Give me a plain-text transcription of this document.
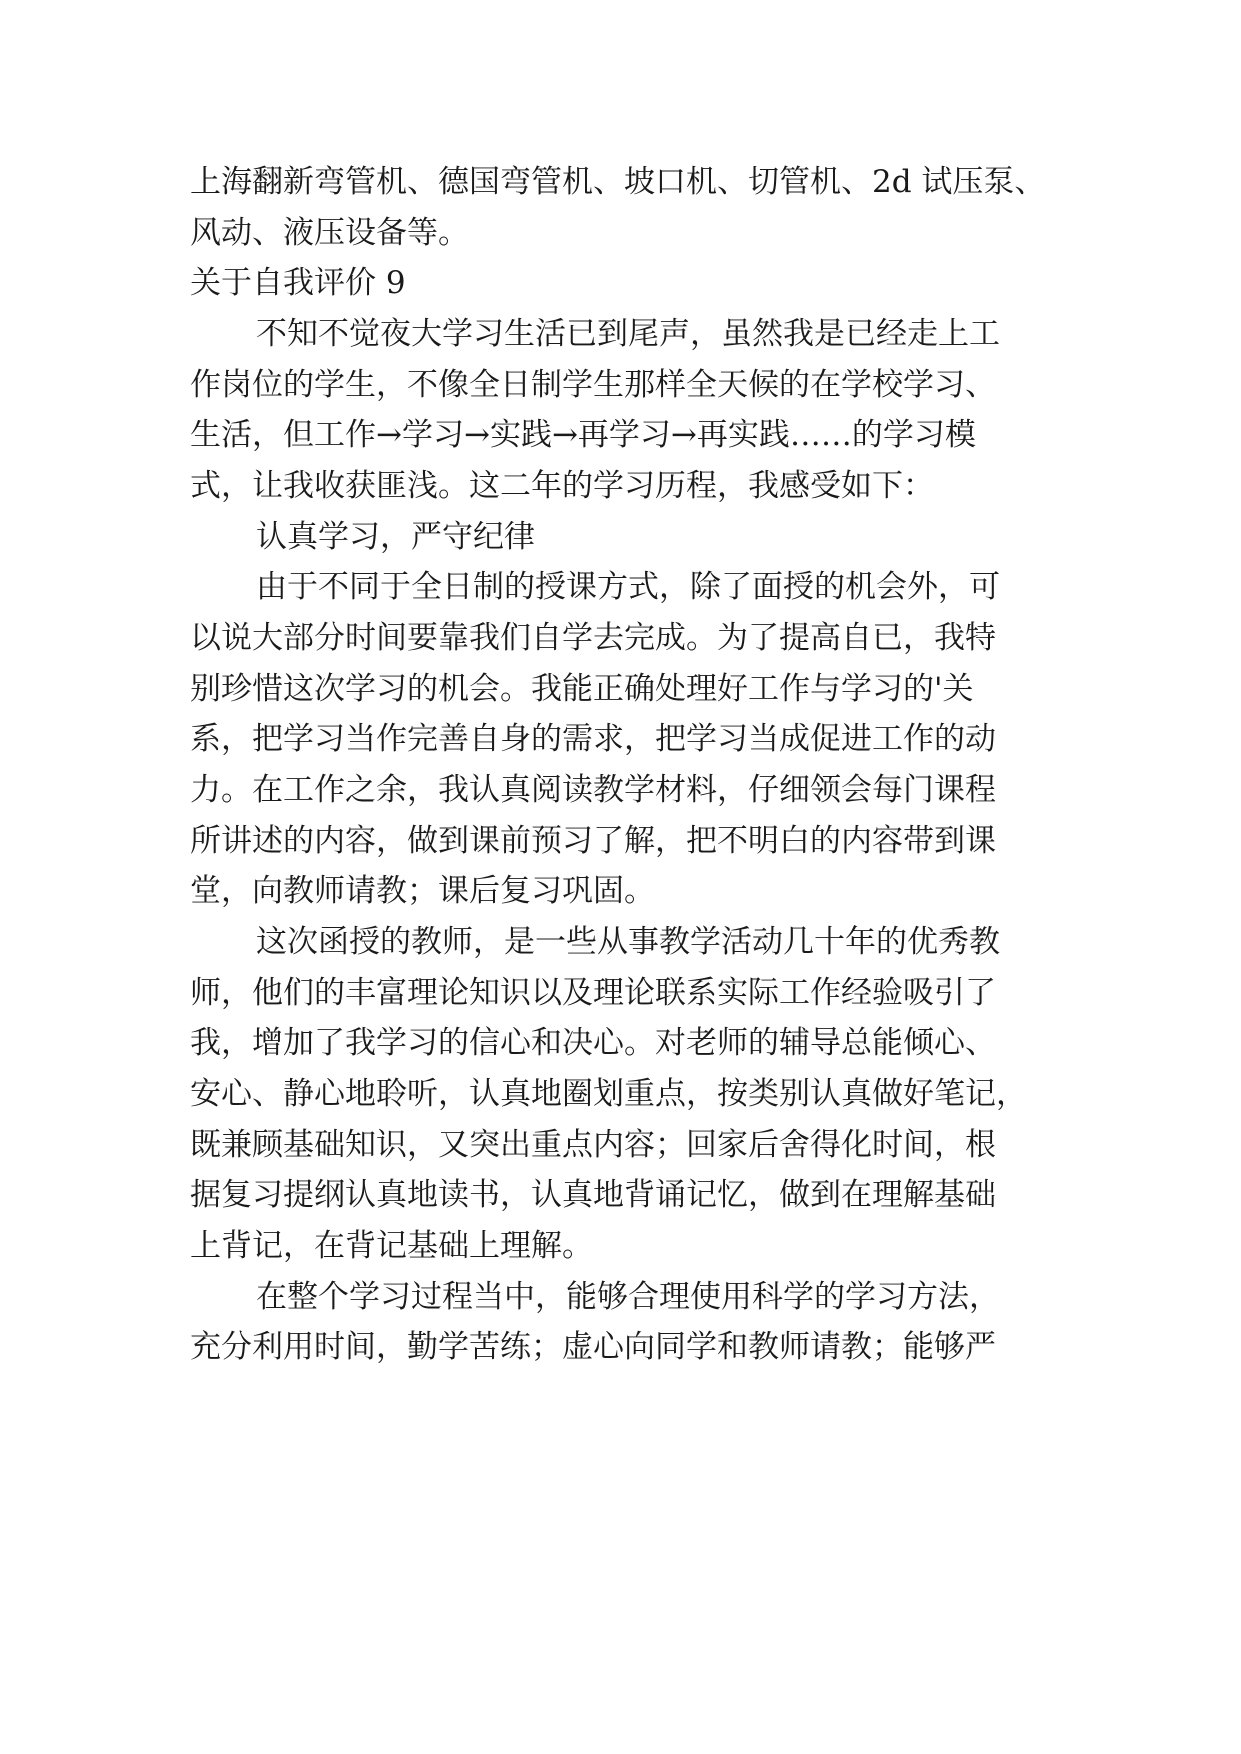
上海翻新弯管机、德国弯管机、坡口机、切管机、2d 试压泵、
风动、液压设备等。
关于自我评价 9
不知不觉夜大学习生活已到尾声，虽然我是已经走上工
作岗位的学生，不像全日制学生那样全天候的在学校学习、
生活，但工作→学习→实践→再学习→再实践……的学习模
式，让我收获匪浅。这二年的学习历程，我感受如下：
认真学习，严守纪律
由于不同于全日制的授课方式，除了面授的机会外，可
以说大部分时间要靠我们自学去完成。为了提高自已，我特
别珍惜这次学习的机会。我能正确处理好工作与学习的'关
系，把学习当作完善自身的需求，把学习当成促进工作的动
力。在工作之余，我认真阅读教学材料，仔细领会每门课程
所讲述的内容，做到课前预习了解，把不明白的内容带到课
堂，向教师请教；课后复习巩固。
这次函授的教师，是一些从事教学活动几十年的优秀教
师，他们的丰富理论知识以及理论联系实际工作经验吸引了
我，增加了我学习的信心和决心。对老师的辅导总能倾心、
安心、静心地聆听，认真地圈划重点，按类别认真做好笔记，
既兼顾基础知识，又突出重点内容；回家后舍得化时间，根
据复习提纲认真地读书，认真地背诵记忆，做到在理解基础
上背记，在背记基础上理解。
在整个学习过程当中，能够合理使用科学的学习方法，
充分利用时间，勤学苦练；虚心向同学和教师请教；能够严
